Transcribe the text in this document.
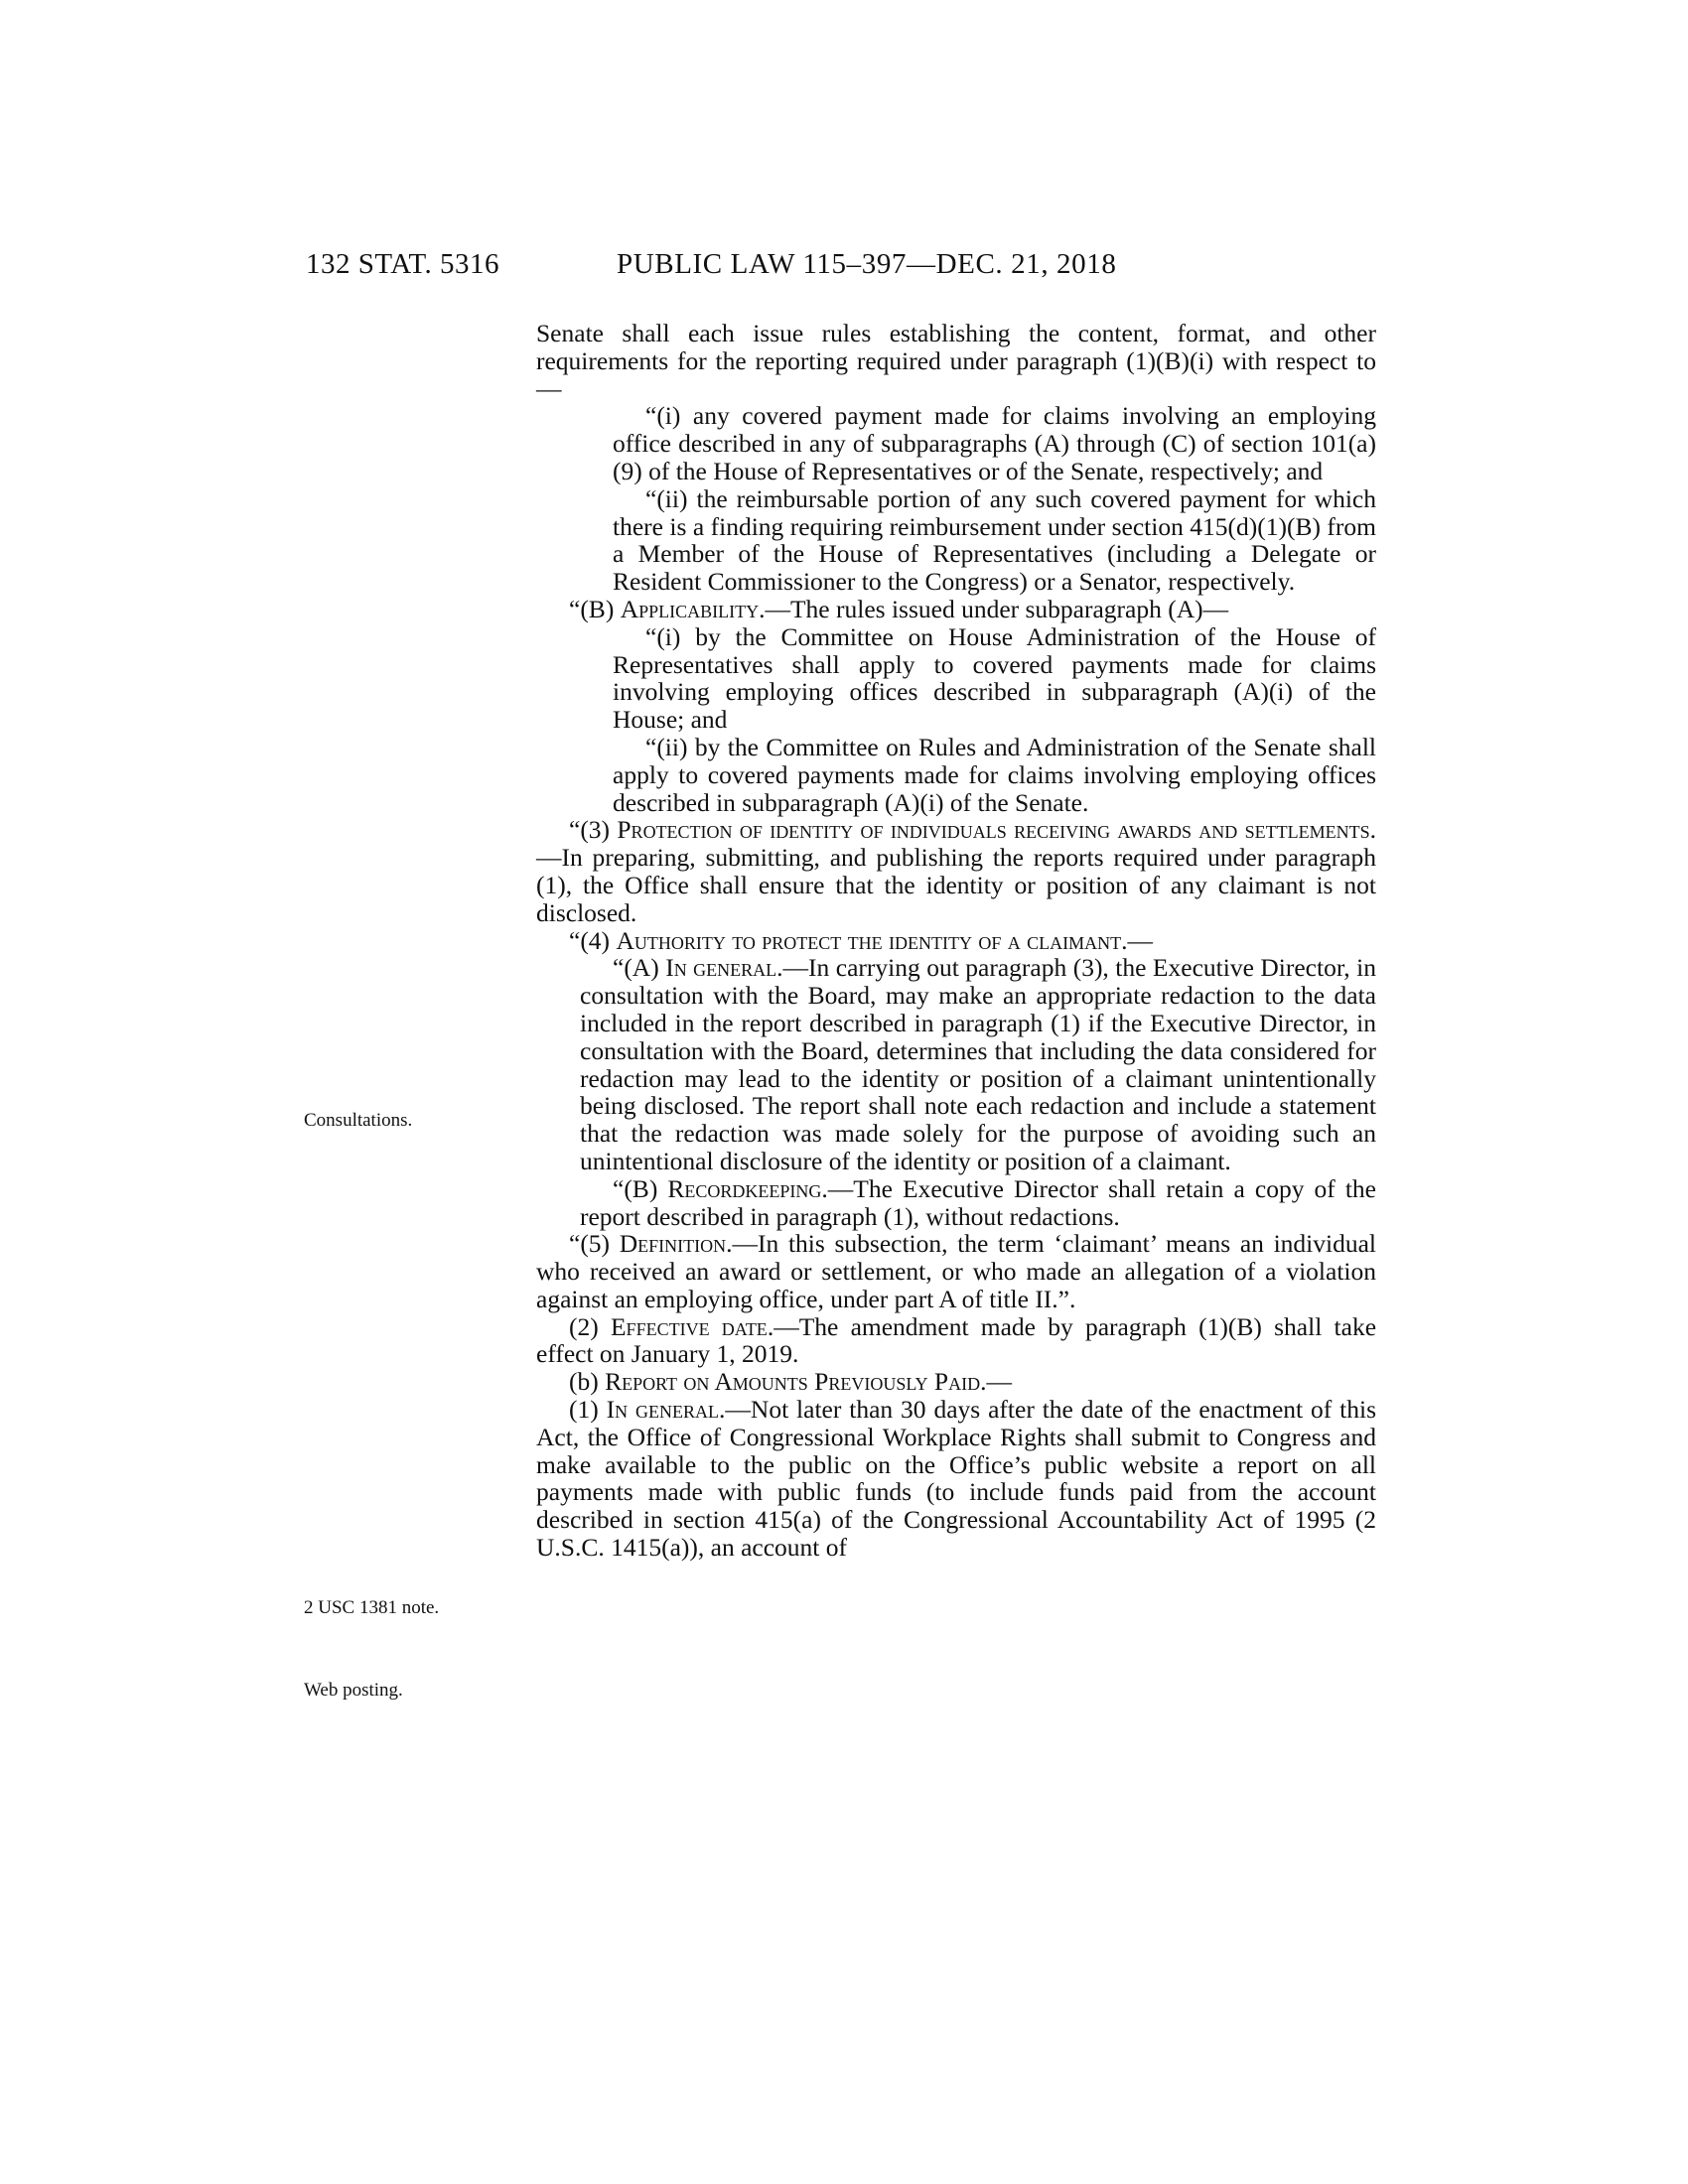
132 STAT. 5316	PUBLIC LAW 115–397—DEC. 21, 2018
Consultations.
2 USC 1381 note.
Web posting.

Senate shall each issue rules establishing the content, format, and other requirements for the reporting required under paragraph (1)(B)(i) with respect to—

“(i) any covered payment made for claims involving an employing office described in any of subparagraphs (A) through (C) of section 101(a)(9) of the House of Representatives or of the Senate, respectively; and

“(ii) the reimbursable portion of any such covered payment for which there is a finding requiring reimbursement under section 415(d)(1)(B) from a Member of the House of Representatives (including a Delegate or Resident Commissioner to the Congress) or a Senator, respectively.

“(B) Applicability.—The rules issued under subparagraph (A)—

“(i) by the Committee on House Administration of the House of Representatives shall apply to covered payments made for claims involving employing offices described in subparagraph (A)(i) of the House; and

“(ii) by the Committee on Rules and Administration of the Senate shall apply to covered payments made for claims involving employing offices described in subparagraph (A)(i) of the Senate.

“(3) Protection of identity of individuals receiving awards and settlements.—In preparing, submitting, and publishing the reports required under paragraph (1), the Office shall ensure that the identity or position of any claimant is not disclosed.

“(4) Authority to protect the identity of a claimant.—

“(A) In general.—In carrying out paragraph (3), the Executive Director, in consultation with the Board, may make an appropriate redaction to the data included in the report described in paragraph (1) if the Executive Director, in consultation with the Board, determines that including the data considered for redaction may lead to the identity or position of a claimant unintentionally being disclosed. The report shall note each redaction and include a statement that the redaction was made solely for the purpose of avoiding such an unintentional disclosure of the identity or position of a claimant.

“(B) Recordkeeping.—The Executive Director shall retain a copy of the report described in paragraph (1), without redactions.

“(5) Definition.—In this subsection, the term ‘claimant’ means an individual who received an award or settlement, or who made an allegation of a violation against an employing office, under part A of title II.”.

(2) Effective date.—The amendment made by paragraph (1)(B) shall take effect on January 1, 2019.

(b) Report on Amounts Previously Paid.—

(1) In general.—Not later than 30 days after the date of the enactment of this Act, the Office of Congressional Workplace Rights shall submit to Congress and make available to the public on the Office’s public website a report on all payments made with public funds (to include funds paid from the account described in section 415(a) of the Congressional Accountability Act of 1995 (2 U.S.C. 1415(a)), an account of
